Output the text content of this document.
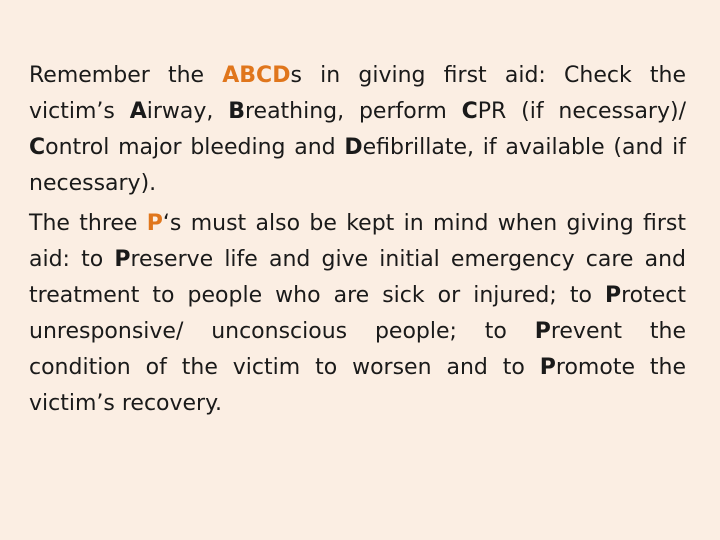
Remember the ABCDs in giving first aid: Check the victim’s Airway, Breathing, perform CPR (if necessary)/ Control major bleeding and Defibrillate, if available (and if necessary).

The three P‘s must also be kept in mind when giving first aid: to Preserve life and give initial emergency care and treatment to people who are sick or injured; to Protect unresponsive/ unconscious people; to Prevent the condition of the victim to worsen and to Promote the victim’s recovery.
